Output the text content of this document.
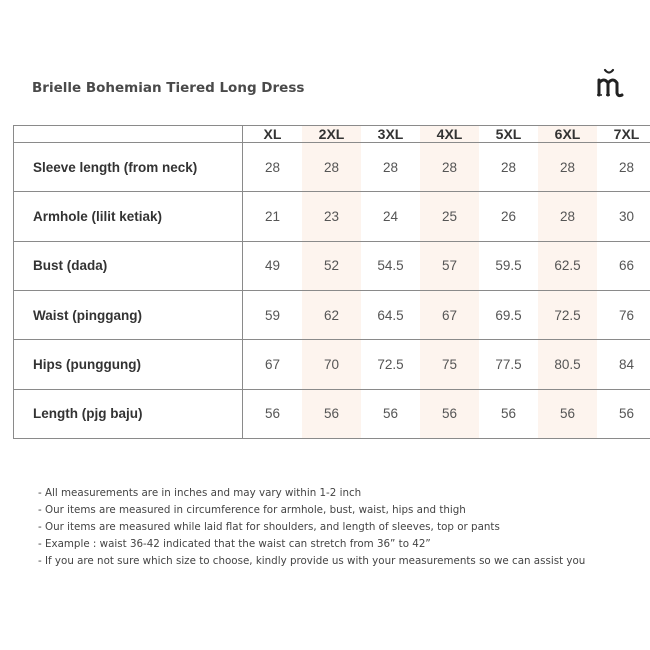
Brielle Bohemian Tiered Long Dress
	XL	2XL	3XL	4XL	5XL	6XL	7XL
Sleeve length (from neck)	28	28	28	28	28	28	28
Armhole (lilit ketiak)	21	23	24	25	26	28	30
Bust (dada)	49	52	54.5	57	59.5	62.5	66
Waist (pinggang)	59	62	64.5	67	69.5	72.5	76
Hips (punggung)	67	70	72.5	75	77.5	80.5	84
Length (pjg baju)	56	56	56	56	56	56	56
- All measurements are in inches and may vary within 1-2 inch
- Our items are measured in circumference for armhole, bust, waist, hips and thigh
- Our items are measured while laid flat for shoulders, and length of sleeves, top or pants
- Example : waist 36-42 indicated that the waist can stretch from 36” to 42”
- If you are not sure which size to choose, kindly provide us with your measurements so we can assist you
